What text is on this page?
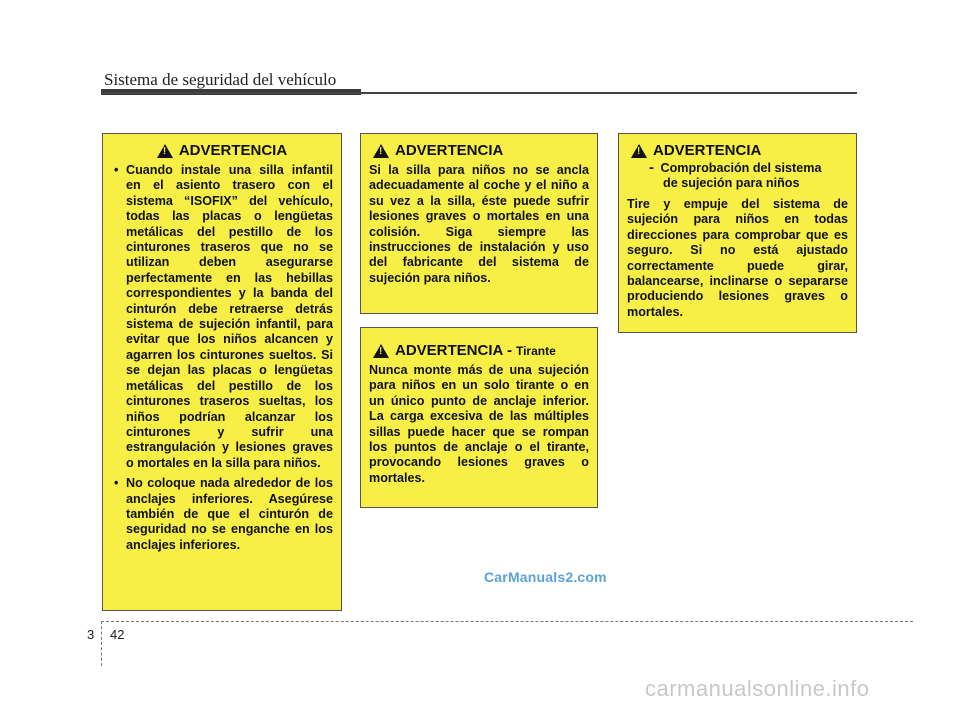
Sistema de seguridad del vehículo
!
ADVERTENCIA
• Cuando instale una silla infantil en el asiento trasero con el sistema “ISOFIX” del vehículo, todas las placas o lengüetas metálicas del pestillo de los cinturones traseros que no se utilizan deben asegurarse perfectamente en las hebillas correspondientes y la banda del cinturón debe retraerse detrás sistema de sujeción infantil, para evitar que los niños alcancen y agarren los cinturones sueltos. Si se dejan las placas o lengüetas metálicas del pestillo de los cinturones traseros sueltas, los niños podrían alcanzar los cinturones y sufrir una estrangulación y lesiones graves o mortales en la silla para niños.
• No coloque nada alrededor de los anclajes inferiores. Asegúrese también de que el cinturón de seguridad no se enganche en los anclajes inferiores.
!
ADVERTENCIA
Si la silla para niños no se ancla adecuadamente al coche y el niño a su vez a la silla, éste puede sufrir lesiones graves o mortales en una colisión. Siga siempre las instrucciones de instalación y uso del fabricante del sistema de sujeción para niños.
!
ADVERTENCIA - Tirante
Nunca monte más de una sujeción para niños en un solo tirante o en un único punto de anclaje inferior. La carga excesiva de las múltiples sillas puede hacer que se rompan los puntos de anclaje o el tirante, provocando lesiones graves o mortales.
!
ADVERTENCIA
- Comprobación del sistema
de sujeción para niños
Tire y empuje del sistema de sujeción para niños en todas direcciones para comprobar que es seguro. Si no está ajustado correctamente puede girar, balancearse, inclinarse o separarse produciendo lesiones graves o mortales.
CarManuals2.com
3 42
carmanualsonline.info
